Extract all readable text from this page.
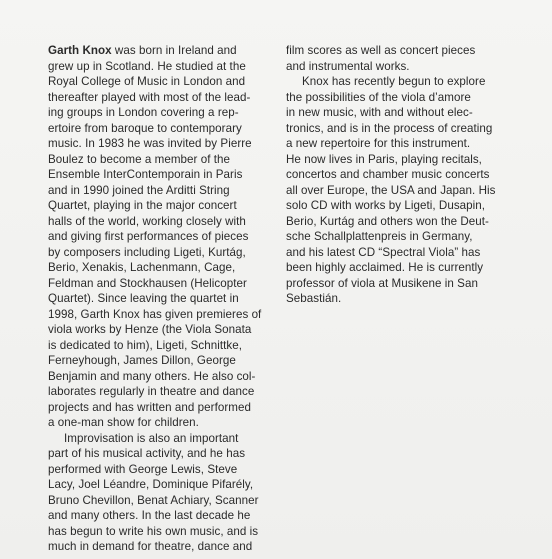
Garth Knox was born in Ireland and
grew up in Scotland. He studied at the
Royal College of Music in London and
thereafter played with most of the lead-
ing groups in London covering a rep-
ertoire from baroque to contemporary
music. In 1983 he was invited by Pierre
Boulez to become a member of the
Ensemble InterContemporain in Paris
and in 1990 joined the Arditti String
Quartet, playing in the major concert
halls of the world, working closely with
and giving first performances of pieces
by composers including Ligeti, Kurtág,
Berio, Xenakis, Lachenmann, Cage,
Feldman and Stockhausen (Helicopter
Quartet). Since leaving the quartet in
1998, Garth Knox has given premieres of
viola works by Henze (the Viola Sonata
is dedicated to him), Ligeti, Schnittke,
Ferneyhough, James Dillon, George
Benjamin and many others. He also col-
laborates regularly in theatre and dance
projects and has written and performed
a one-man show for children.
Improvisation is also an important
part of his musical activity, and he has
performed with George Lewis, Steve
Lacy, Joel Léandre, Dominique Pifarély,
Bruno Chevillon, Benat Achiary, Scanner
and many others. In the last decade he
has begun to write his own music, and is
much in demand for theatre, dance and
film scores as well as concert pieces
and instrumental works.
Knox has recently begun to explore
the possibilities of the viola d’amore
in new music, with and without elec-
tronics, and is in the process of creating
a new repertoire for this instrument.
He now lives in Paris, playing recitals,
concertos and chamber music concerts
all over Europe, the USA and Japan. His
solo CD with works by Ligeti, Dusapin,
Berio, Kurtág and others won the Deut-
sche Schallplattenpreis in Germany,
and his latest CD “Spectral Viola” has
been highly acclaimed. He is currently
professor of viola at Musikene in San
Sebastián.
